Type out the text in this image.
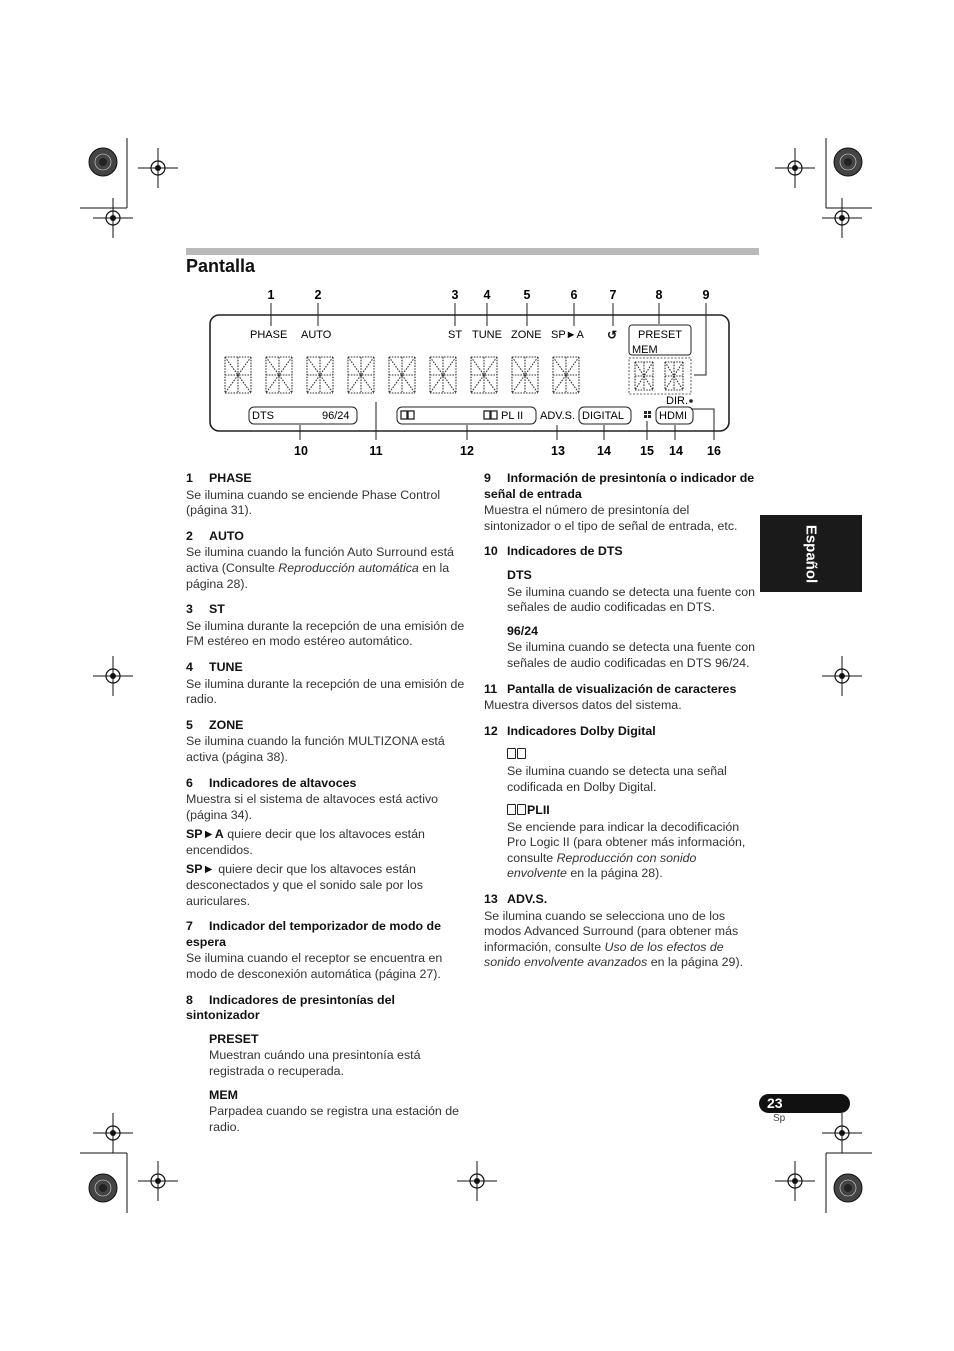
Pantalla
Español
1	2	3 4	5	6	7	8	9
PHASE AUTO	ST TUNE ZONE SP►A ↺ PRESET
MEM
DIR.
DTS	96/24	PL II ADV.S. DIGITAL	HDMI
10	11	12	13	14 15 14 16
1	PHASE

Se ilumina cuando se enciende Phase Control (página 31).

2	AUTO

Se ilumina cuando la función Auto Surround está activa (Consulte Reproducción automática en la página 28).

3	ST

Se ilumina durante la recepción de una emisión de FM estéreo en modo estéreo automático.

4	TUNE

Se ilumina durante la recepción de una emisión de radio.

5	ZONE

Se ilumina cuando la función MULTIZONA está activa (página 38).

6	Indicadores de altavoces

Muestra si el sistema de altavoces está activo (página 34).

SP►A quiere decir que los altavoces están encendidos.

SP► quiere decir que los altavoces están desconectados y que el sonido sale por los auriculares.

7 Indicador del temporizador de modo de espera

Se ilumina cuando el receptor se encuentra en modo de desconexión automática (página 27).

8 Indicadores de presintonías del sintonizador
PRESET

Muestran cuándo una presintonía está registrada o recuperada.

MEM

Parpadea cuando se registra una estación de radio.

9 Información de presintonía o indicador de señal de entrada

Muestra el número de presintonía del sintonizador o el tipo de señal de entrada, etc.

10 Indicadores de DTS
DTS

Se ilumina cuando se detecta una fuente con señales de audio codificadas en DTS.

96/24

Se ilumina cuando se detecta una fuente con señales de audio codificadas en DTS 96/24.

11 Pantalla de visualización de caracteres

Muestra diversos datos del sistema.

12 Indicadores Dolby Digital

Se ilumina cuando se detecta una señal codificada en Dolby Digital.

PLII

Se enciende para indicar la decodificación Pro Logic II (para obtener más información, consulte Reproducción con sonido envolvente en la página 28).

13 ADV.S.

Se ilumina cuando se selecciona uno de los modos Advanced Surround (para obtener más información, consulte Uso de los efectos de sonido envolvente avanzados en la página 29).

23
Sp
